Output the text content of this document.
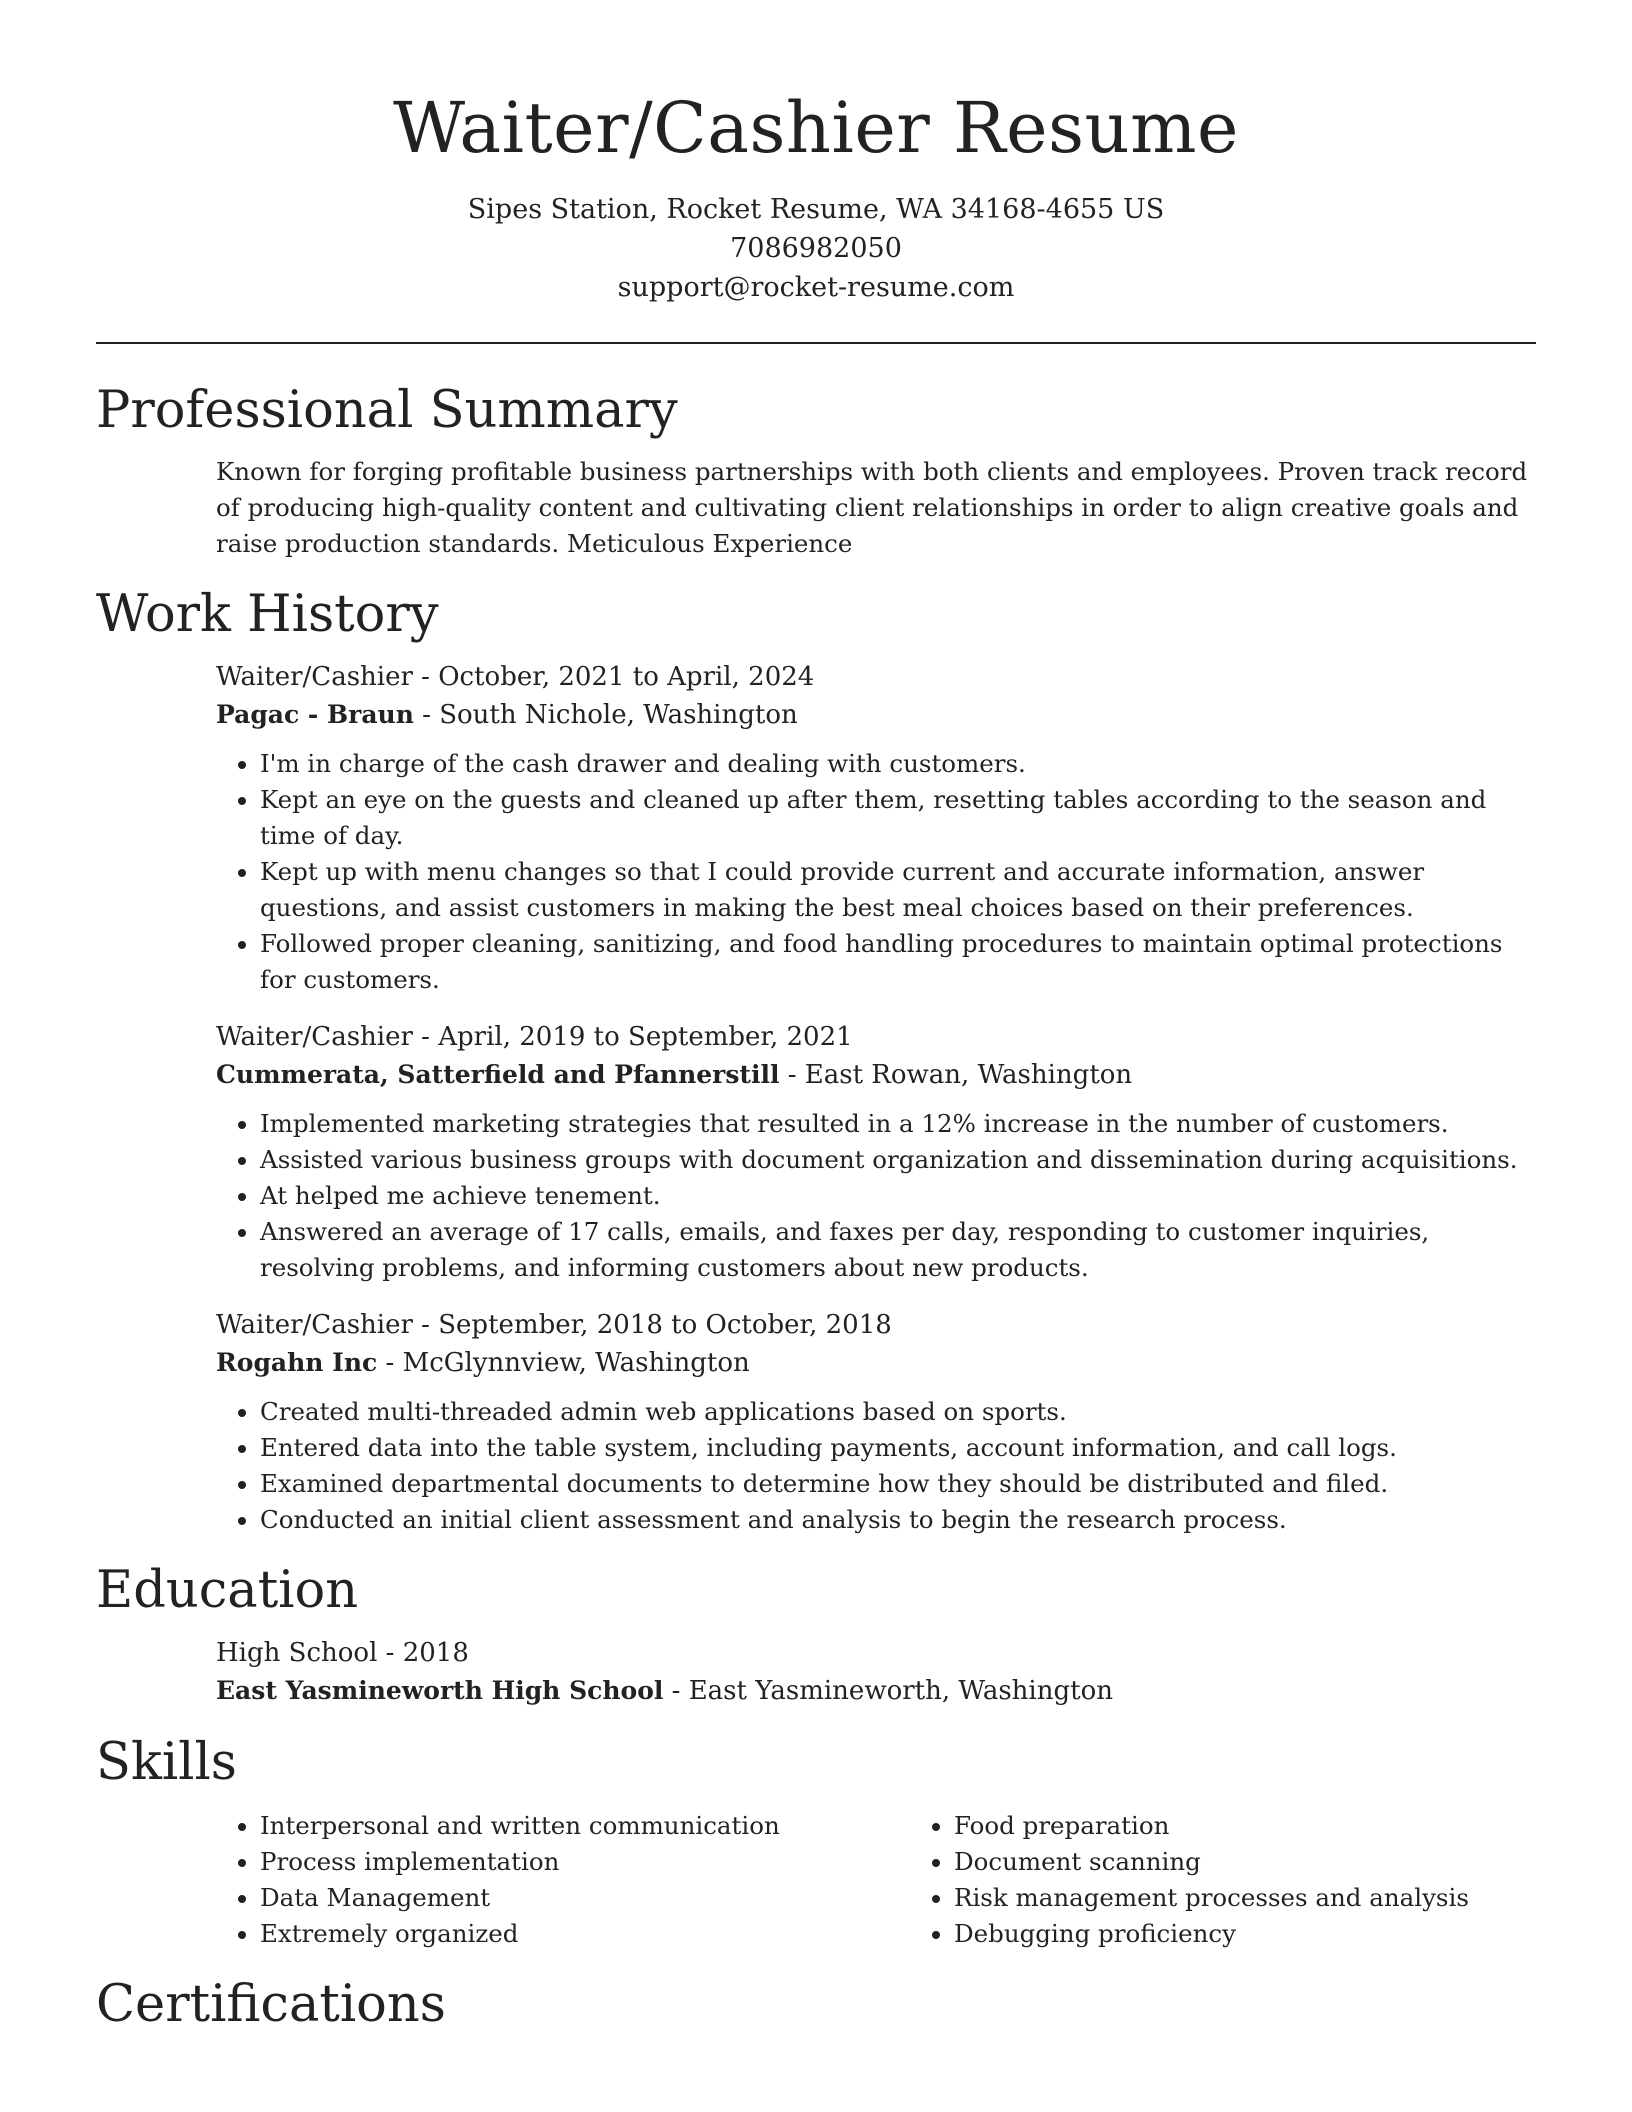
Waiter/Cashier Resume
Sipes Station, Rocket Resume, WA 34168-4655 US
7086982050
support@rocket-resume.com
Professional Summary
Known for forging profitable business partnerships with both clients and employees. Proven track record of producing high-quality content and cultivating client relationships in order to align creative goals and raise production standards. Meticulous Experience
Work History
Waiter/Cashier - October, 2021 to April, 2024
Pagac - Braun - South Nichole, Washington
• I'm in charge of the cash drawer and dealing with customers.
• Kept an eye on the guests and cleaned up after them, resetting tables according to the season and time of day.
• Kept up with menu changes so that I could provide current and accurate information, answer questions, and assist customers in making the best meal choices based on their preferences.
• Followed proper cleaning, sanitizing, and food handling procedures to maintain optimal protections for customers.
Waiter/Cashier - April, 2019 to September, 2021
Cummerata, Satterfield and Pfannerstill - East Rowan, Washington
• Implemented marketing strategies that resulted in a 12% increase in the number of customers.
• Assisted various business groups with document organization and dissemination during acquisitions.
• At helped me achieve tenement.
• Answered an average of 17 calls, emails, and faxes per day, responding to customer inquiries, resolving problems, and informing customers about new products.
Waiter/Cashier - September, 2018 to October, 2018
Rogahn Inc - McGlynnview, Washington
• Created multi-threaded admin web applications based on sports.
• Entered data into the table system, including payments, account information, and call logs.
• Examined departmental documents to determine how they should be distributed and filed.
• Conducted an initial client assessment and analysis to begin the research process.
Education
High School - 2018
East Yasmineworth High School - East Yasmineworth, Washington
Skills
• Interpersonal and written communication
• Process implementation
• Data Management
• Extremely organized
• Food preparation
• Document scanning
• Risk management processes and analysis
• Debugging proficiency
Certifications
